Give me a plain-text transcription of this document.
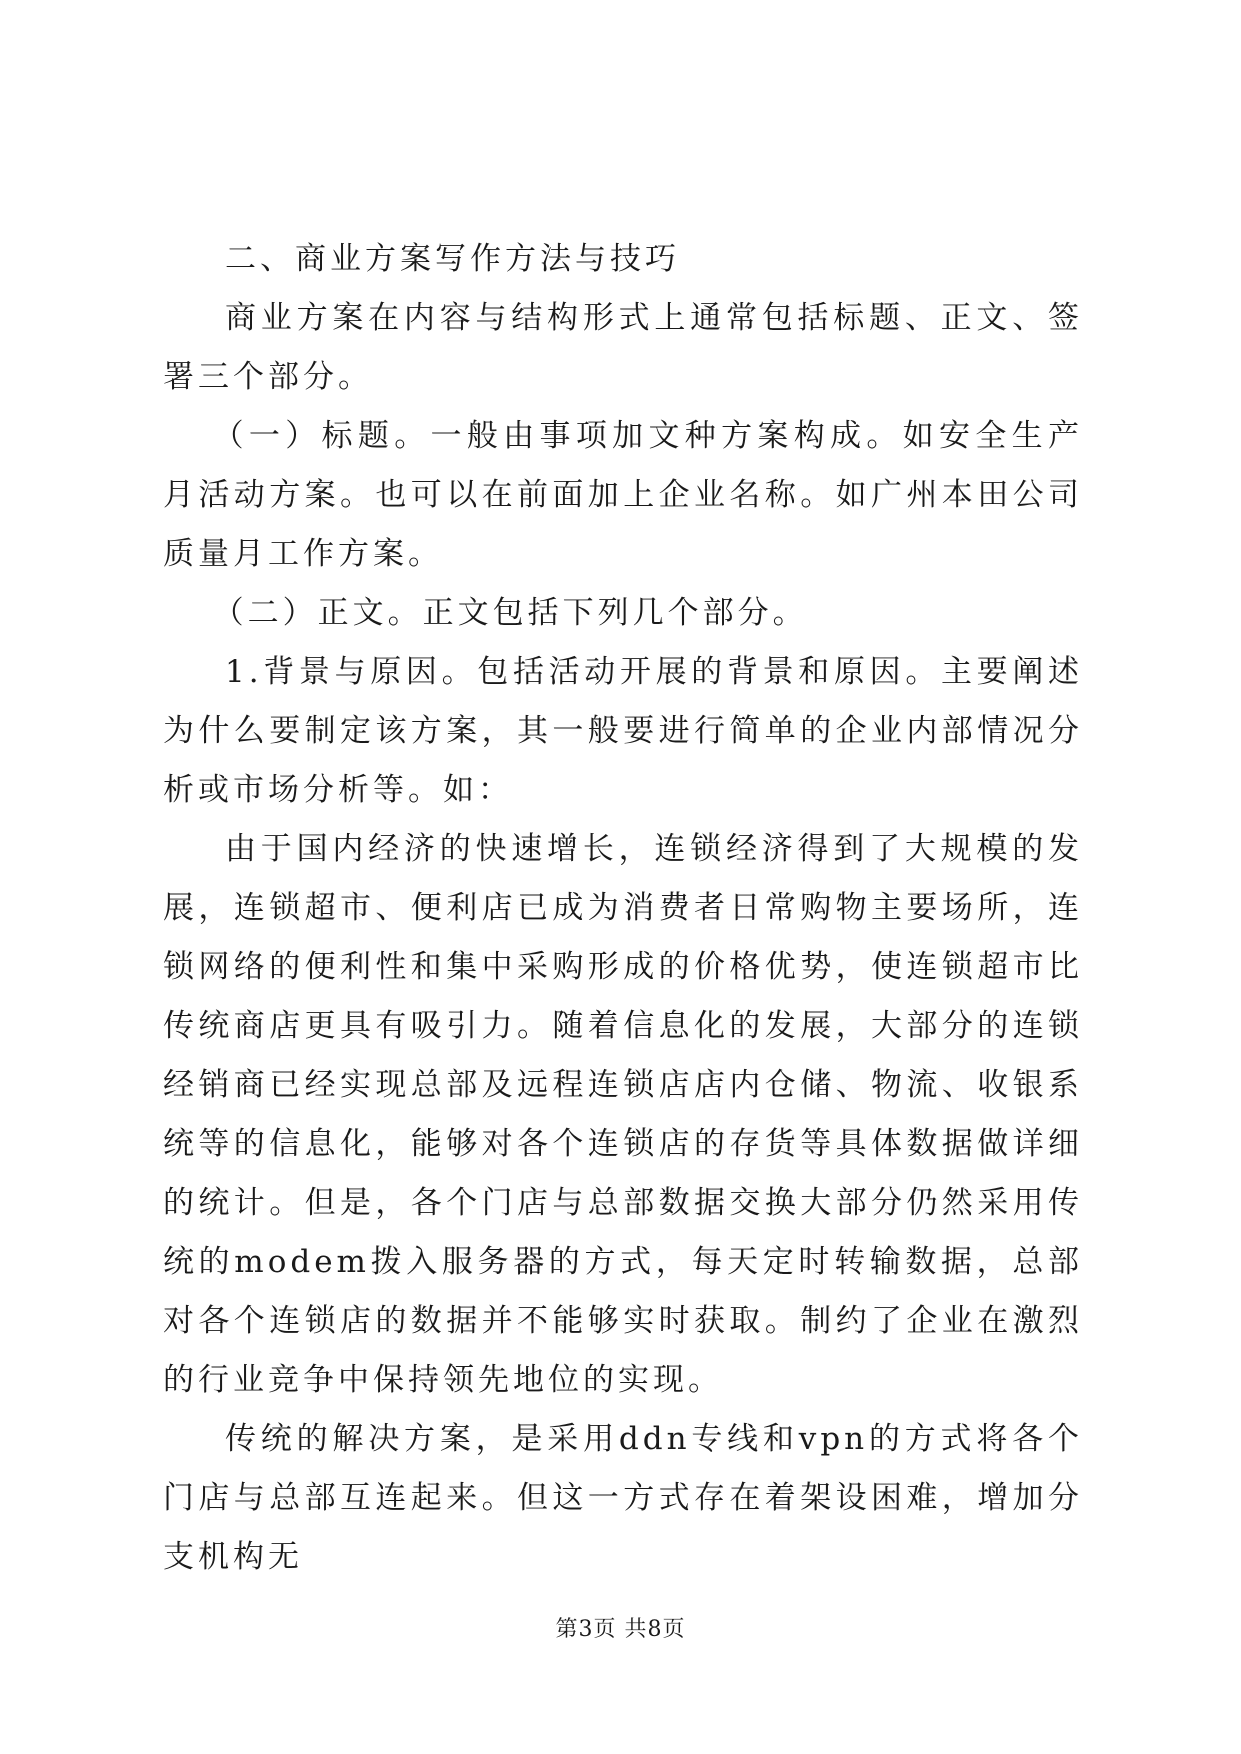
二、商业方案写作方法与技巧

商业方案在内容与结构形式上通常包括标题、正文、签署三个部分。

（一）标题。一般由事项加文种方案构成。如安全生产月活动方案。也可以在前面加上企业名称。如广州本田公司质量月工作方案。

（二）正文。正文包括下列几个部分。

1.背景与原因。包括活动开展的背景和原因。主要阐述为什么要制定该方案，其一般要进行简单的企业内部情况分析或市场分析等。如：

由于国内经济的快速增长，连锁经济得到了大规模的发展，连锁超市、便利店已成为消费者日常购物主要场所，连锁网络的便利性和集中采购形成的价格优势，使连锁超市比传统商店更具有吸引力。随着信息化的发展，大部分的连锁经销商已经实现总部及远程连锁店店内仓储、物流、收银系统等的信息化，能够对各个连锁店的存货等具体数据做详细的统计。但是，各个门店与总部数据交换大部分仍然采用传统的modem拨入服务器的方式，每天定时转输数据，总部对各个连锁店的数据并不能够实时获取。制约了企业在激烈的行业竞争中保持领先地位的实现。

传统的解决方案，是采用ddn专线和vpn的方式将各个门店与总部互连起来。但这一方式存在着架设困难，增加分支机构无

第3页 共8页
